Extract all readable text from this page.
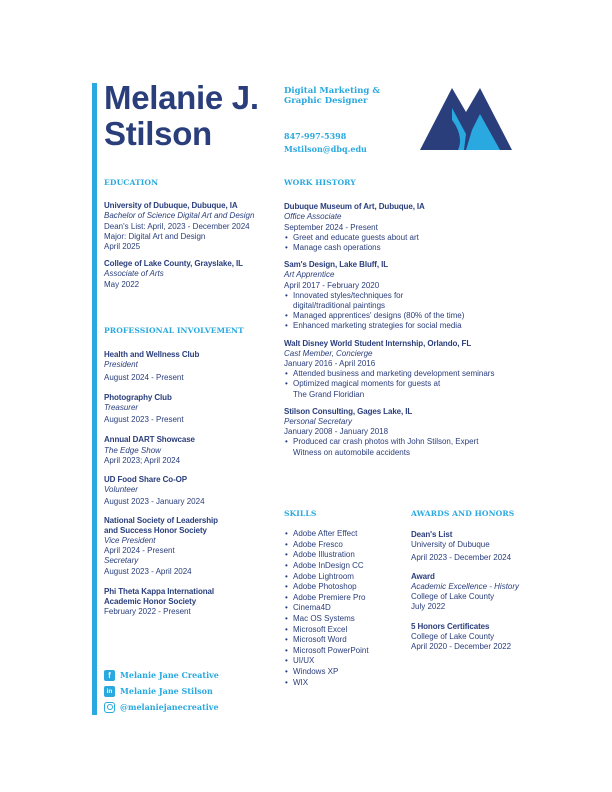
Melanie J.
Stilson
Digital Marketing &
Graphic Designer
847-997-5398
Mstilson@dbq.edu
EDUCATION
University of Dubuque, Dubuque, IA
Bachelor of Science Digital Art and Design
Dean's List: April, 2023 - December 2024
Major: Digital Art and Design
April 2025
College of Lake County, Grayslake, IL
Associate of Arts
May 2022
PROFESSIONAL INVOLVEMENT
Health and Wellness Club
President
August 2024 - Present
Photography Club
Treasurer
August 2023 - Present
Annual DART Showcase
The Edge Show
April 2023; April 2024
UD Food Share Co-OP
Volunteer
August 2023 - January 2024
National Society of Leadership
and Success Honor Society
Vice President
April 2024 - Present
Secretary
August 2023 - April 2024
Phi Theta Kappa International
Academic Honor Society
February 2022 - Present
f	Melanie Jane Creative
in Melanie Jane Stilson
@melaniejanecreative
WORK HISTORY
Dubuque Museum of Art, Dubuque, IA
Office Associate
September 2024 - Present
• Greet and educate guests about art
• Manage cash operations
Sam's Design, Lake Bluff, IL
Art Apprentice
April 2017 - February 2020
• Innovated styles/techniques for
digital/traditional paintings
• Managed apprentices' designs (80% of the time)
• Enhanced marketing strategies for social media
Walt Disney World Student Internship, Orlando, FL
Cast Member, Concierge
January 2016 - April 2016
• Attended business and marketing development seminars
• Optimized magical moments for guests at
The Grand Floridian
Stilson Consulting, Gages Lake, IL
Personal Secretary
January 2008 - January 2018
• Produced car crash photos with John Stilson, Expert
Witness on automobile accidents
SKILLS
• Adobe After Effect
• Adobe Fresco
• Adobe Illustration
• Adobe InDesign CC
• Adobe Lightroom
• Adobe Photoshop
• Adobe Premiere Pro
• Cinema4D
• Mac OS Systems
• Microsoft Excel
• Microsoft Word
• Microsoft PowerPoint
• UI/UX
• Windows XP
• WIX
AWARDS AND HONORS
Dean's List
University of Dubuque
April 2023 - December 2024
Award
Academic Excellence - History
College of Lake County
July 2022
5 Honors Certificates
College of Lake County
April 2020 - December 2022
